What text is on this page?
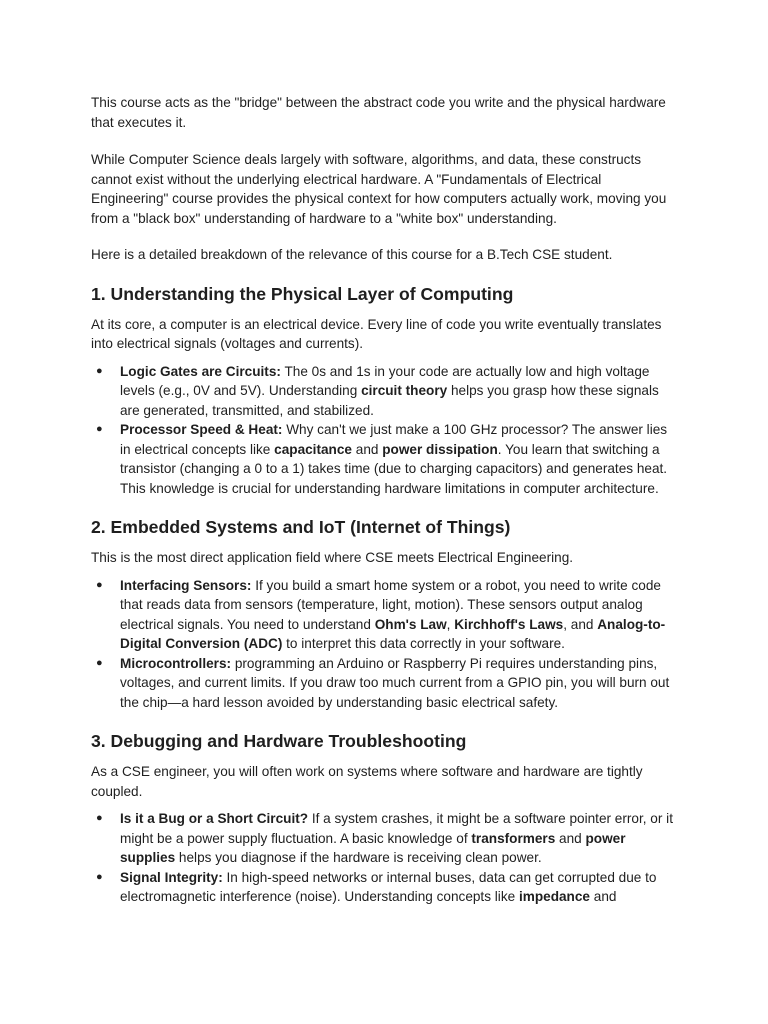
This course acts as the "bridge" between the abstract code you write and the physical hardware that executes it.

While Computer Science deals largely with software, algorithms, and data, these constructs cannot exist without the underlying electrical hardware. A "Fundamentals of Electrical Engineering" course provides the physical context for how computers actually work, moving you from a "black box" understanding of hardware to a "white box" understanding.

Here is a detailed breakdown of the relevance of this course for a B.Tech CSE student.

1. Understanding the Physical Layer of Computing

At its core, a computer is an electrical device. Every line of code you write eventually translates into electrical signals (voltages and currents).

● Logic Gates are Circuits: The 0s and 1s in your code are actually low and high voltage levels (e.g., 0V and 5V). Understanding circuit theory helps you grasp how these signals are generated, transmitted, and stabilized.
● Processor Speed & Heat: Why can't we just make a 100 GHz processor? The answer lies in electrical concepts like capacitance and power dissipation. You learn that switching a transistor (changing a 0 to a 1) takes time (due to charging capacitors) and generates heat. This knowledge is crucial for understanding hardware limitations in computer architecture.
2. Embedded Systems and IoT (Internet of Things)

This is the most direct application field where CSE meets Electrical Engineering.

● Interfacing Sensors: If you build a smart home system or a robot, you need to write code that reads data from sensors (temperature, light, motion). These sensors output analog electrical signals. You need to understand Ohm's Law, Kirchhoff's Laws, and Analog-to-Digital Conversion (ADC) to interpret this data correctly in your software.
● Microcontrollers: programming an Arduino or Raspberry Pi requires understanding pins, voltages, and current limits. If you draw too much current from a GPIO pin, you will burn out the chip—a hard lesson avoided by understanding basic electrical safety.
3. Debugging and Hardware Troubleshooting

As a CSE engineer, you will often work on systems where software and hardware are tightly coupled.

● Is it a Bug or a Short Circuit? If a system crashes, it might be a software pointer error, or it might be a power supply fluctuation. A basic knowledge of transformers and power supplies helps you diagnose if the hardware is receiving clean power.
● Signal Integrity: In high-speed networks or internal buses, data can get corrupted due to electromagnetic interference (noise). Understanding concepts like impedance and
